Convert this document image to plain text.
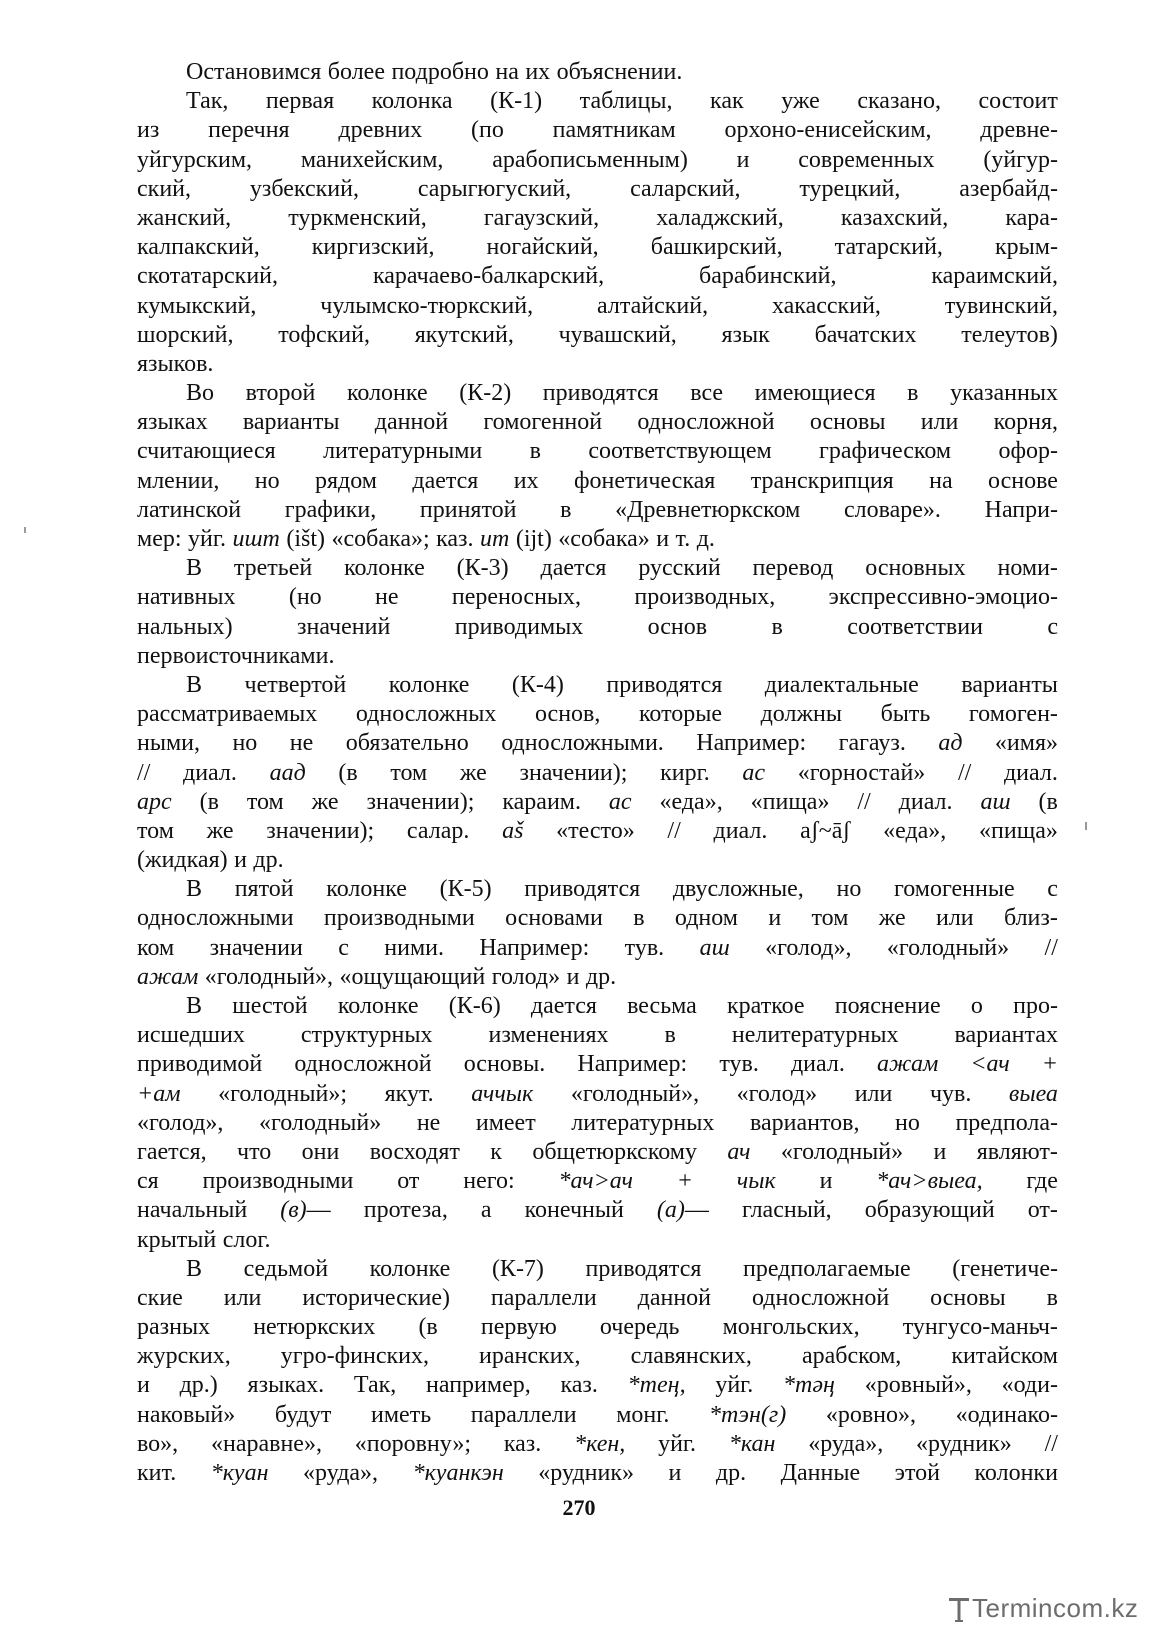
Остановимся более подробно на их объяснении.
Так, первая колонка (К-1) таблицы, как уже сказано, состоит
из перечня древних (по памятникам орхоно-енисейским, древне-
уйгурским, манихейским, арабописьменным) и современных (уйгур-
ский, узбекский, сарыгюгуский, саларский, турецкий, азербайд-
жанский, туркменский, гагаузский, халаджский, казахский, кара-
калпакский, киргизский, ногайский, башкирский, татарский, крым-
скотатарский,	карачаево-балкарский,	барабинский,	караимский,
кумыкский,	чулымско-тюркский,	алтайский,	хакасский,	тувинский,
шорский, тофский, якутский, чувашский, язык бачатских телеутов)
языков.
Во второй колонке (К-2) приводятся все имеющиеся в указанных
языках варианты данной гомогенной односложной основы или корня,
считающиеся литературными в соответствующем графическом офор-
млении, но рядом дается их фонетическая транскрипция на основе
латинской графики, принятой в «Древнетюркском словаре». Напри-
мер: уйг. ишт (išt) «собака»; каз. ит (ijt) «собака» и т. д.
В третьей колонке (К-3) дается русский перевод основных номи-
нативных (но не переносных, производных, экспрессивно-эмоцио-
нальных)	значений	приводимых	основ	в	соответствии	с
первоисточниками.
В четвертой колонке (К-4) приводятся диалектальные варианты
рассматриваемых односложных основ, которые должны быть гомоген-
ными, но не обязательно односложными. Например: гагауз. ад «имя»
// диал. аад (в том же значении); кирг. ас «горностай» // диал.
арс (в том же значении); караим. ас «еда», «пища» // диал. аш (в
том же значении); салар. aš «тесто» // диал. aʃ~āʃ «еда», «пища»
(жидкая) и др.
В пятой колонке (К-5) приводятся двусложные, но гомогенные с
односложными производными основами в одном и том же или близ-
ком значении с ними. Например: тув. аш «голод», «голодный» //
ажам «голодный», «ощущающий голод» и др.
В шестой колонке (К-6) дается весьма краткое пояснение о про-
исшедших структурных изменениях в нелитературных вариантах
приводимой односложной основы. Например: тув. диал. ажам <ач +
+ам «голодный»; якут. аччык «голодный», «голод» или чув. выеа
«голод», «голодный» не имеет литературных вариантов, но предпола-
гается, что они восходят к общетюркскому ач «голодный» и являют-
ся производными от него: *ач>ач + чык и *ач>выеа, где
начальный (в)— протеза, а конечный (а)— гласный, образующий от-
крытый слог.
В седьмой колонке (К-7) приводятся предполагаемые (генетиче-
ские или исторические) параллели данной односложной основы в
разных нетюркских (в первую очередь монгольских, тунгусо-маньч-
журских, угро-финских, иранских, славянских, арабском, китайском
и др.) языках. Так, например, каз. *тең, уйг. *тәң «ровный», «оди-
наковый» будут иметь параллели монг. *тэн(г) «ровно», «одинако-
во», «наравне», «поровну»; каз. *кен, уйг. *кан «руда», «рудник» //
кит. *куан «руда», *куанкэн «рудник» и др. Данные этой колонки
270
Termincom.kz
